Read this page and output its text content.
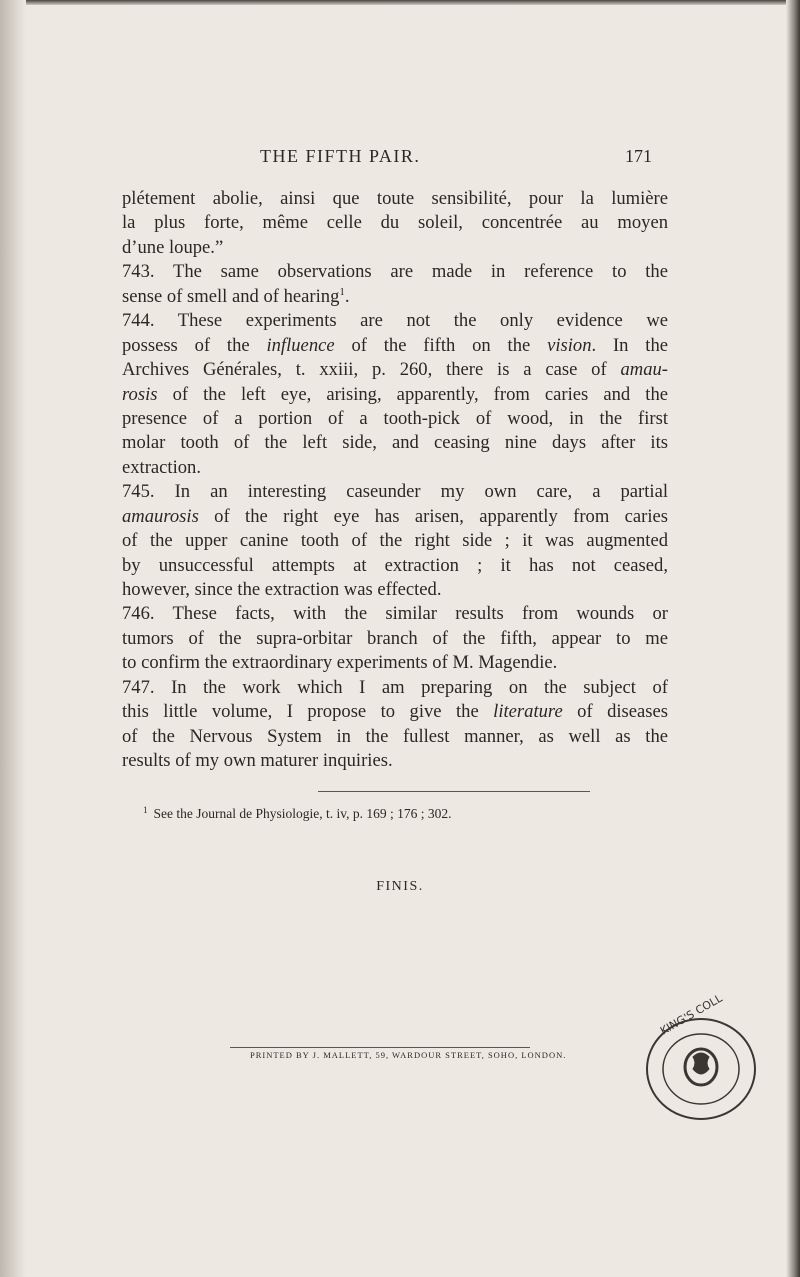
THE FIFTH PAIR.	171
plétement abolie, ainsi que toute sensibilité, pour la lumière
la plus forte, même celle du soleil, concentrée au moyen
d’une loupe.”
743. The same observations are made in reference to the
sense of smell and of hearing$^1$.
744. These experiments are not the only evidence we
possess of the influence of the fifth on the vision. In the
Archives Générales, t. xxiii, p. 260, there is a case of amau-
rosis of the left eye, arising, apparently, from caries and the
presence of a portion of a tooth-pick of wood, in the first
molar tooth of the left side, and ceasing nine days after its
extraction.
745. In an interesting caseunder my own care, a partial
amaurosis of the right eye has arisen, apparently from caries
of the upper canine tooth of the right side ; it was augmented
by unsuccessful attempts at extraction ; it has not ceased,
however, since the extraction was effected.
746. These facts, with the similar results from wounds or
tumors of the supra-orbitar branch of the fifth, appear to me
to confirm the extraordinary experiments of M. Magendie.
747. In the work which I am preparing on the subject of
this little volume, I propose to give the literature of diseases
of the Nervous System in the fullest manner, as well as the
results of my own maturer inquiries.
$^1$ See the Journal de Physiologie, t. iv, p. 169 ; 176 ; 302.
FINIS.
PRINTED BY J. MALLETT, 59, WARDOUR STREET, SOHO, LONDON.
KING'S COLL
